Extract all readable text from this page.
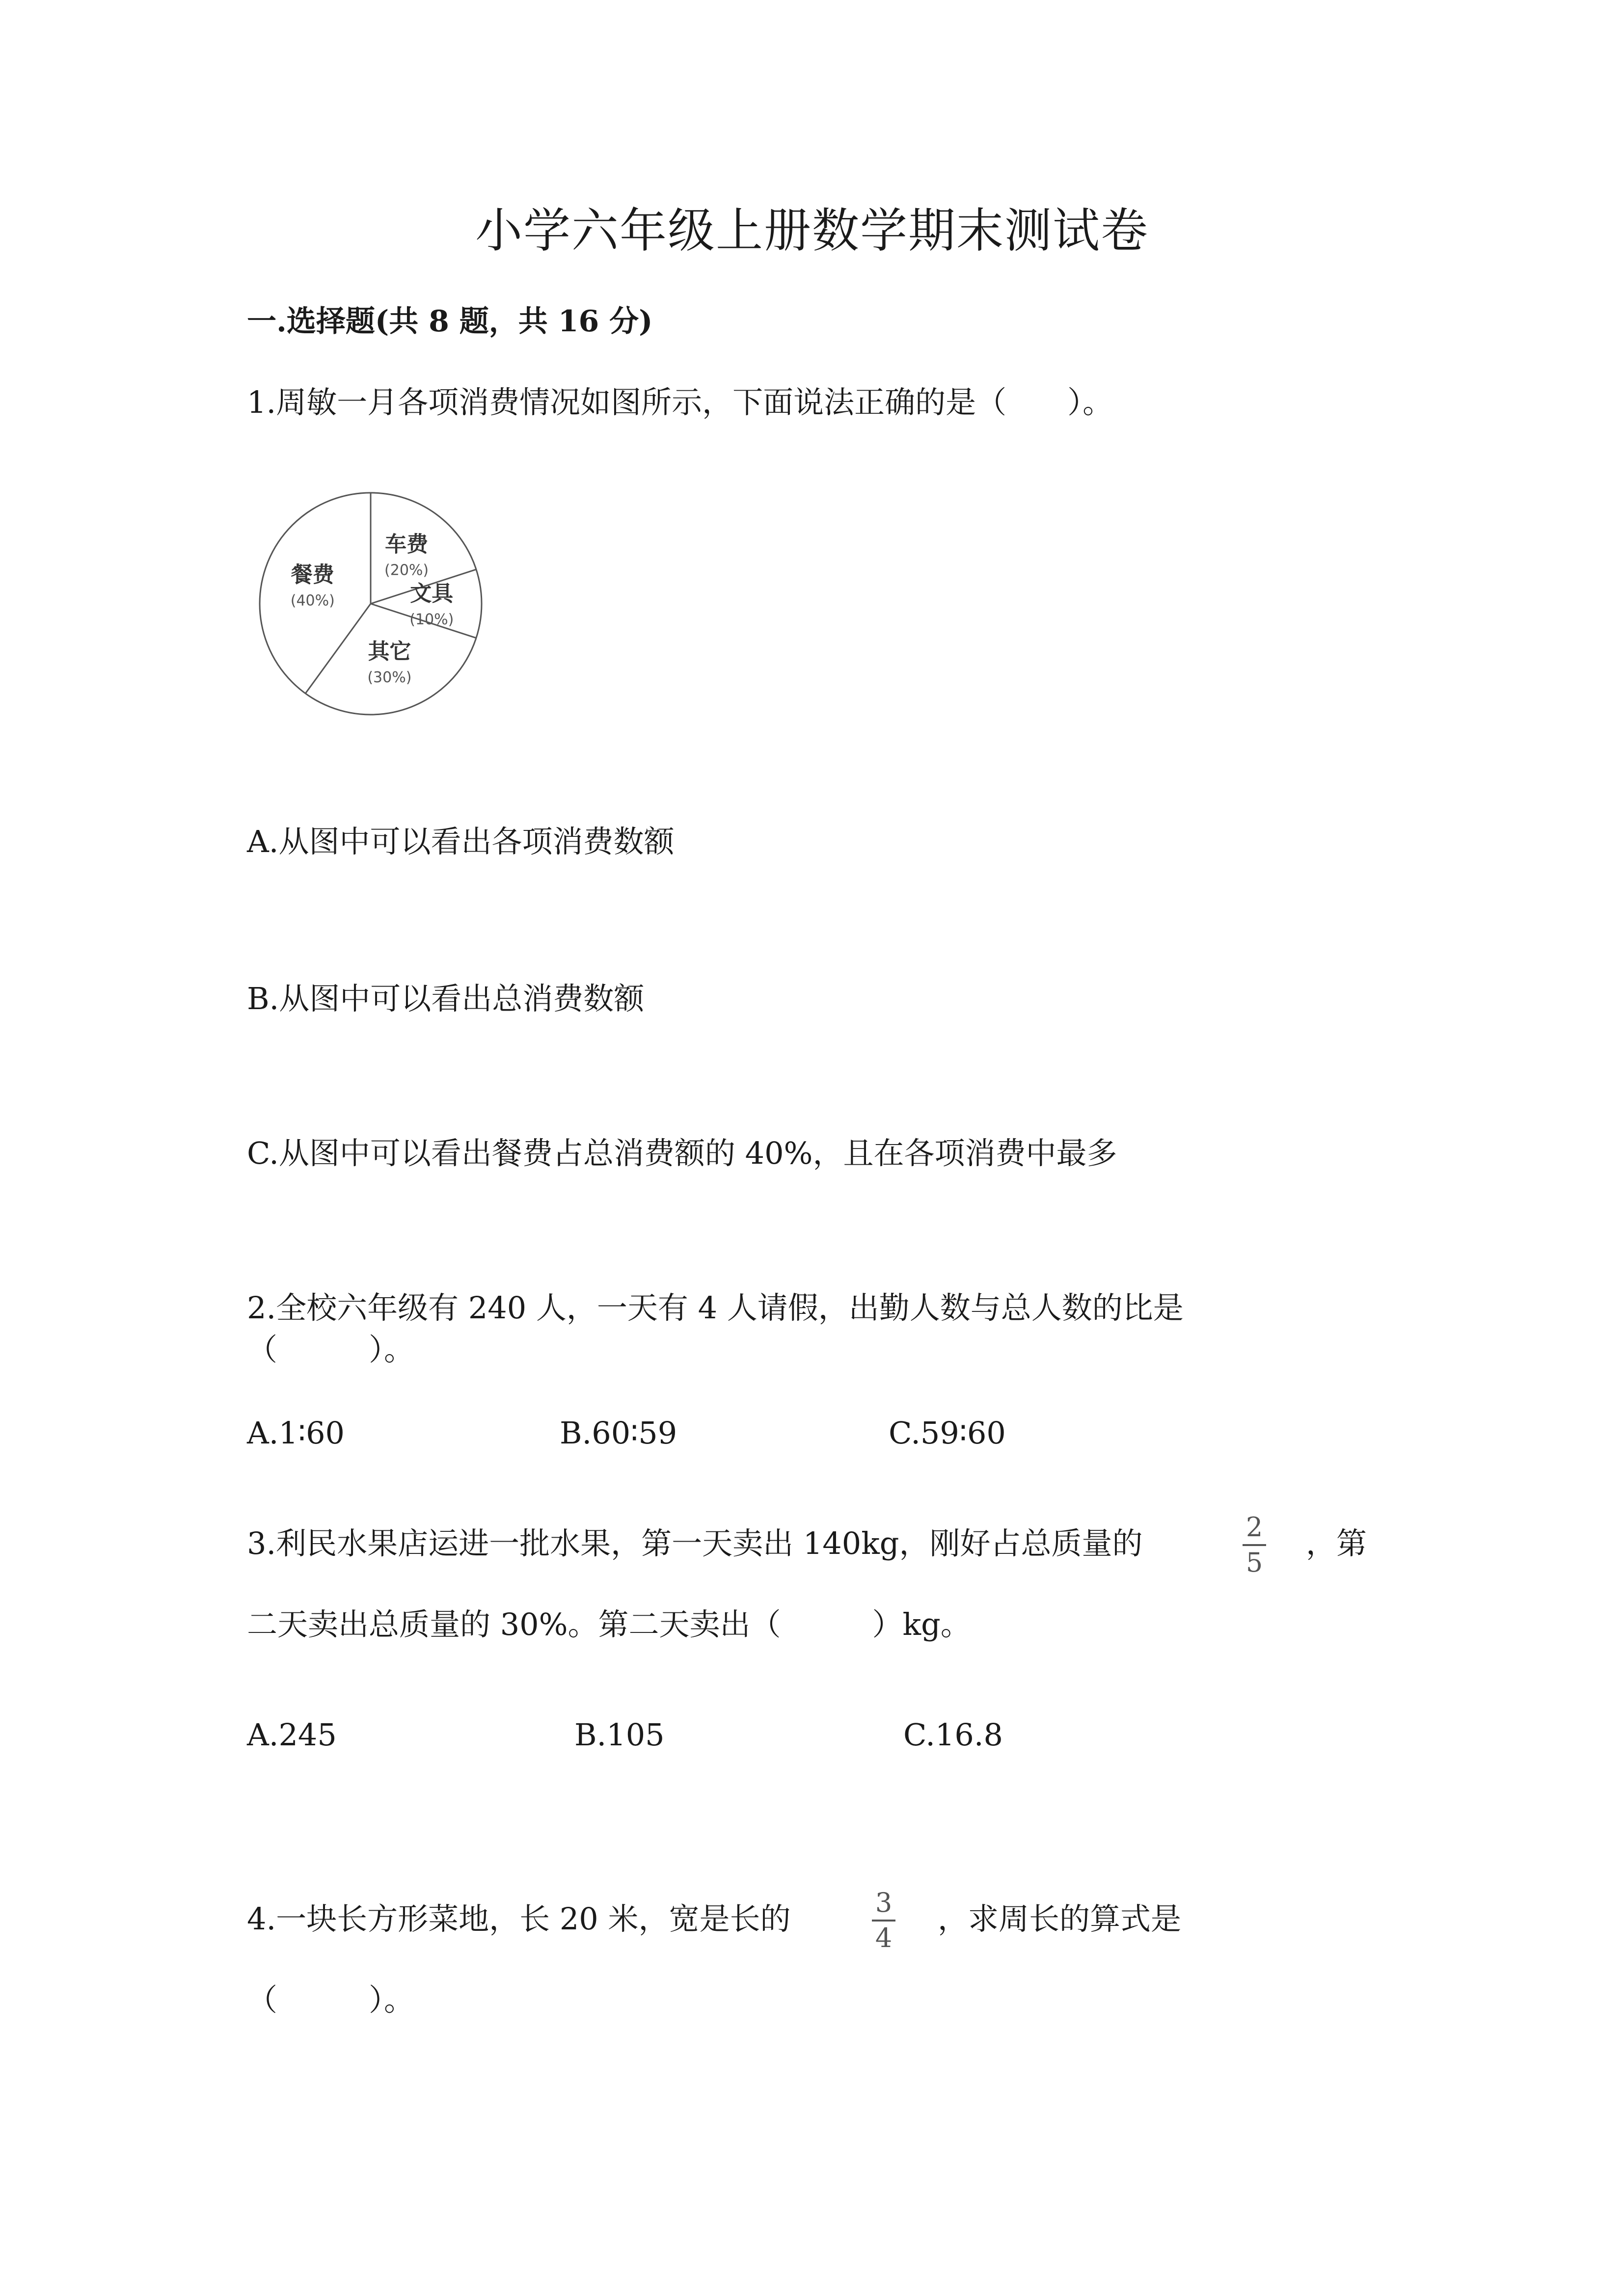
小学六年级上册数学期末测试卷
一.选择题(共 8 题，共 16 分)
1.周敏一月各项消费情况如图所示，下面说法正确的是（　　）。
车费
(20%)
文具
(10%)
其它
(30%)
餐费
(40%)
A.从图中可以看出各项消费数额
B.从图中可以看出总消费数额
C.从图中可以看出餐费占总消费额的 40%，且在各项消费中最多
2.全校六年级有 240 人，一天有 4 人请假，出勤人数与总人数的比是
（　　　）。
A.1∶60	B.60∶59	C.59∶60
3.利民水果店运进一批水果，第一天卖出 140kg，刚好占总质量的	2
5
，第
二天卖出总质量的 30%。第二天卖出（　　　）kg。
A.245	B.105	C.16.8
4.一块长方形菜地，长 20 米，宽是长的	3
4
，求周长的算式是
（　　　）。
